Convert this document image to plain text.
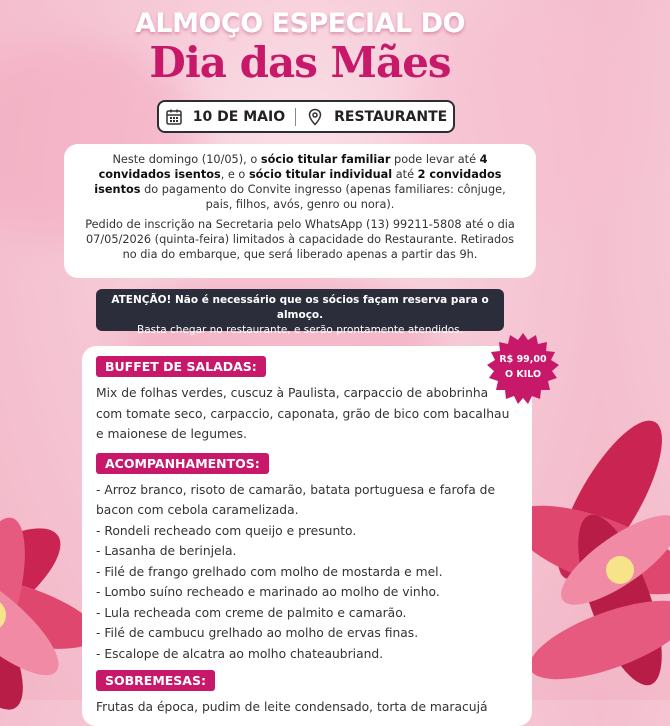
ALMOÇO ESPECIAL DO
Dia das Mães
10 DE MAIO	RESTAURANTE

Neste domingo (10/05), o sócio titular familiar pode levar até 4 convidados isentos, e o sócio titular individual até 2 convidados isentos do pagamento do Convite ingresso (apenas familiares: cônjuge, pais, filhos, avós, genro ou nora).

Pedido de inscrição na Secretaria pelo WhatsApp (13) 99211-5808 até o dia 07/05/2026 (quinta-feira) limitados à capacidade do Restaurante. Retirados no dia do embarque, que será liberado apenas a partir das 9h.

ATENÇÃO! Não é necessário que os sócios façam reserva para o almoço.
Basta chegar no restaurante, e serão prontamente atendidos.
BUFFET DE SALADAS:
Mix de folhas verdes, cuscuz à Paulista, carpaccio de abobrinha com tomate seco, carpaccio, caponata, grão de bico com bacalhau e maionese de legumes.
ACOMPANHAMENTOS:
- Arroz branco, risoto de camarão, batata portuguesa e farofa de bacon com cebola caramelizada.
- Rondeli recheado com queijo e presunto.
- Lasanha de berinjela.
- Filé de frango grelhado com molho de mostarda e mel.
- Lombo suíno recheado e marinado ao molho de vinho.
- Lula recheada com creme de palmito e camarão.
- Filé de cambucu grelhado ao molho de ervas finas.
- Escalope de alcatra ao molho chateaubriand.
SOBREMESAS:
Frutas da época, pudim de leite condensado, torta de maracujá
R$ 99,00
O KILO
